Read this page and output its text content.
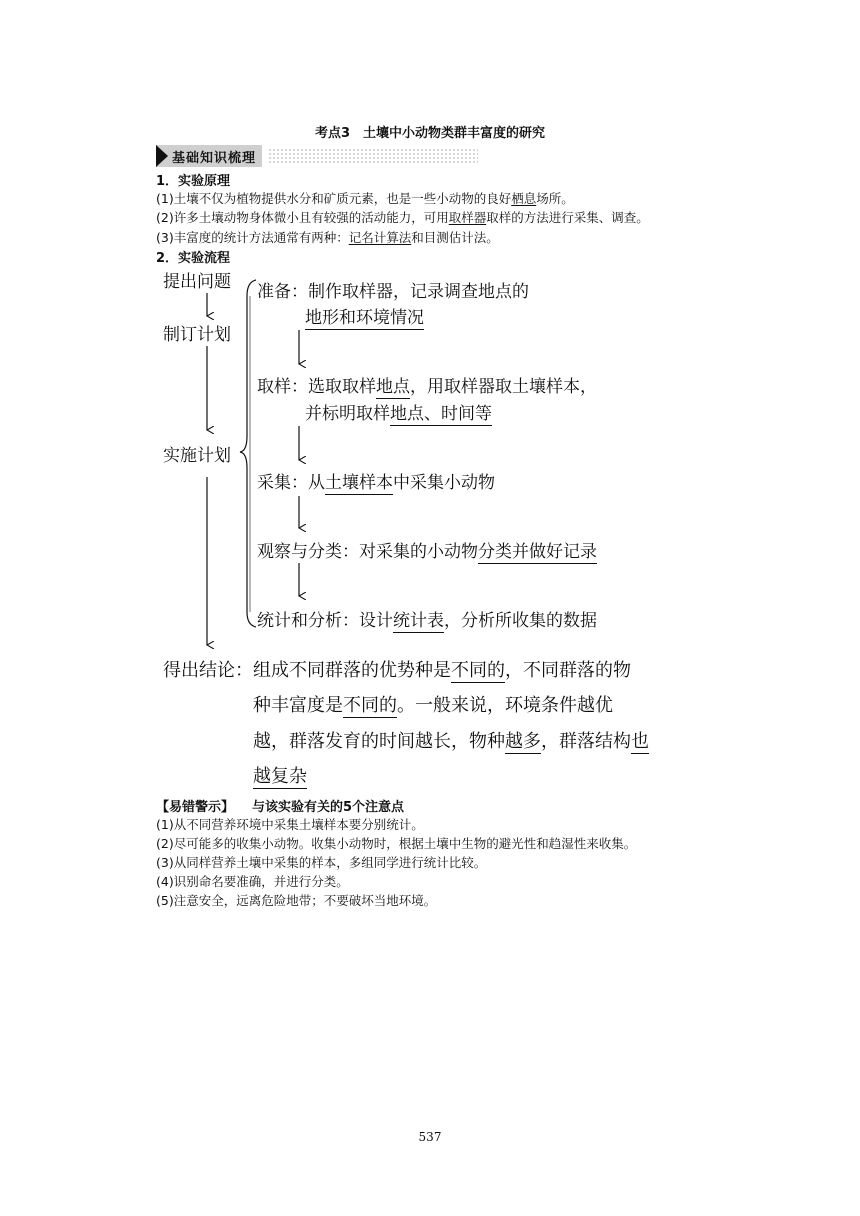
考点3　土壤中小动物类群丰富度的研究
基础知识梳理
1．实验原理
(1)土壤不仅为植物提供水分和矿质元素，也是一些小动物的良好栖息场所。
(2)许多土壤动物身体微小且有较强的活动能力，可用取样器取样的方法进行采集、调查。
(3)丰富度的统计方法通常有两种：记名计算法和目测估计法。
2．实验流程
提出问题
制订计划
实施计划
准备：制作取样器，记录调查地点的
地形和环境情况
取样：选取取样地点，用取样器取土壤样本，
并标明取样地点、时间等
采集：从土壤样本中采集小动物
观察与分类：对采集的小动物分类并做好记录
统计和分析：设计统计表，分析所收集的数据
得出结论：组成不同群落的优势种是不同的，不同群落的物
种丰富度是不同的。一般来说，环境条件越优
越，群落发育的时间越长，物种越多，群落结构也
越复杂
【易错警示】 与该实验有关的5个注意点
(1)从不同营养环境中采集土壤样本要分别统计。
(2)尽可能多的收集小动物。收集小动物时，根据土壤中生物的避光性和趋湿性来收集。
(3)从同样营养土壤中采集的样本，多组同学进行统计比较。
(4)识别命名要准确，并进行分类。
(5)注意安全，远离危险地带；不要破坏当地环境。
537
